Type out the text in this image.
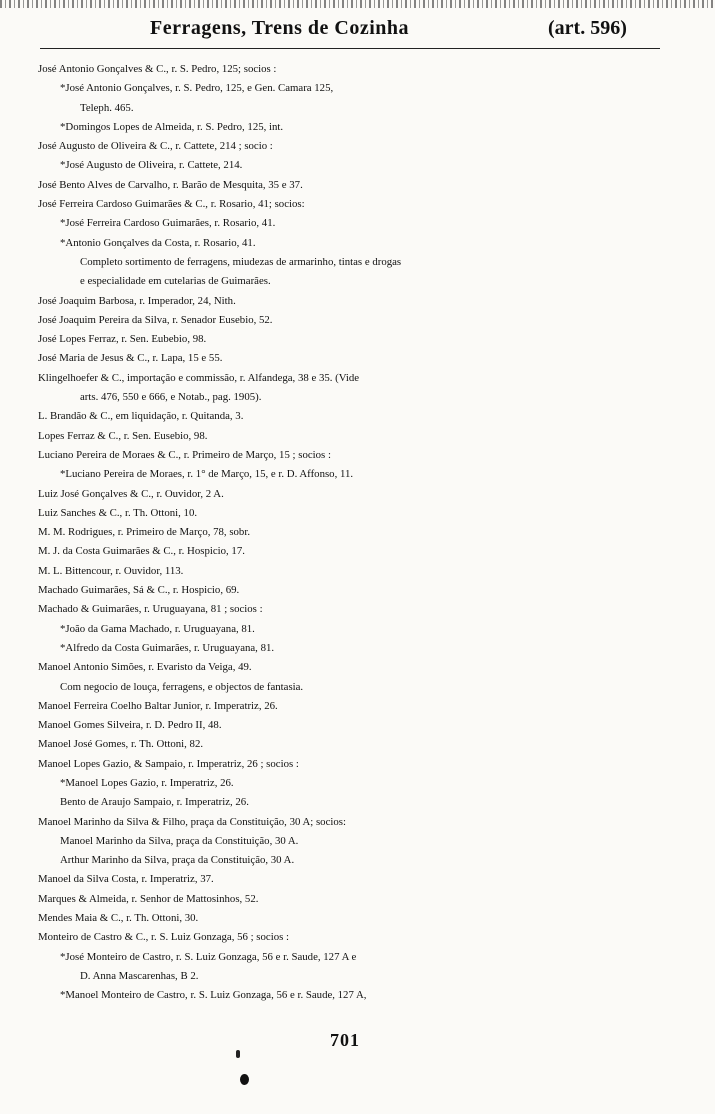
Ferragens, Trens de Cozinha	(art. 596)
José Antonio Gonçalves & C., r. S. Pedro, 125; socios :
*José Antonio Gonçalves, r. S. Pedro, 125, e Gen. Camara 125,
Teleph. 465.
*Domingos Lopes de Almeida, r. S. Pedro, 125, int.
José Augusto de Oliveira & C., r. Cattete, 214 ; socio :
*José Augusto de Oliveira, r. Cattete, 214.
José Bento Alves de Carvalho, r. Barão de Mesquita, 35 e 37.
José Ferreira Cardoso Guimarães & C., r. Rosario, 41; socios:
*José Ferreira Cardoso Guimarães, r. Rosario, 41.
*Antonio Gonçalves da Costa, r. Rosario, 41.
Completo sortimento de ferragens, miudezas de armarinho, tintas e drogas
e especialidade em cutelarias de Guimarães.
José Joaquim Barbosa, r. Imperador, 24, Nith.
José Joaquim Pereira da Silva, r. Senador Eusebio, 52.
José Lopes Ferraz, r. Sen. Eubebio, 98.
José Maria de Jesus & C., r. Lapa, 15 e 55.
Klingelhoefer & C., importação e commissão, r. Alfandega, 38 e 35. (Vide
arts. 476, 550 e 666, e Notab., pag. 1905).
L. Brandão & C., em liquidação, r. Quitanda, 3.
Lopes Ferraz & C., r. Sen. Eusebio, 98.
Luciano Pereira de Moraes & C., r. Primeiro de Março, 15 ; socios :
*Luciano Pereira de Moraes, r. 1° de Março, 15, e r. D. Affonso, 11.
Luiz José Gonçalves & C., r. Ouvidor, 2 A.
Luiz Sanches & C., r. Th. Ottoni, 10.
M. M. Rodrigues, r. Primeiro de Março, 78, sobr.
M. J. da Costa Guimarães & C., r. Hospicio, 17.
M. L. Bittencour, r. Ouvidor, 113.
Machado Guimarães, Sá & C., r. Hospicio, 69.
Machado & Guimarães, r. Uruguayana, 81 ; socios :
*João da Gama Machado, r. Uruguayana, 81.
*Alfredo da Costa Guimarães, r. Uruguayana, 81.
Manoel Antonio Simões, r. Evaristo da Veiga, 49.
Com negocio de louça, ferragens, e objectos de fantasia.
Manoel Ferreira Coelho Baltar Junior, r. Imperatriz, 26.
Manoel Gomes Silveira, r. D. Pedro II, 48.
Manoel José Gomes, r. Th. Ottoni, 82.
Manoel Lopes Gazio, & Sampaio, r. Imperatriz, 26 ; socios :
*Manoel Lopes Gazio, r. Imperatriz, 26.
Bento de Araujo Sampaio, r. Imperatriz, 26.
Manoel Marinho da Silva & Filho, praça da Constituição, 30 A; socios:
Manoel Marinho da Silva, praça da Constituição, 30 A.
Arthur Marinho da Silva, praça da Constituição, 30 A.
Manoel da Silva Costa, r. Imperatriz, 37.
Marques & Almeida, r. Senhor de Mattosinhos, 52.
Mendes Maia & C., r. Th. Ottoni, 30.
Monteiro de Castro & C., r. S. Luiz Gonzaga, 56 ; socios :
*José Monteiro de Castro, r. S. Luiz Gonzaga, 56 e r. Saude, 127 A e
D. Anna Mascarenhas, B 2.
*Manoel Monteiro de Castro, r. S. Luiz Gonzaga, 56 e r. Saude, 127 A,
701
